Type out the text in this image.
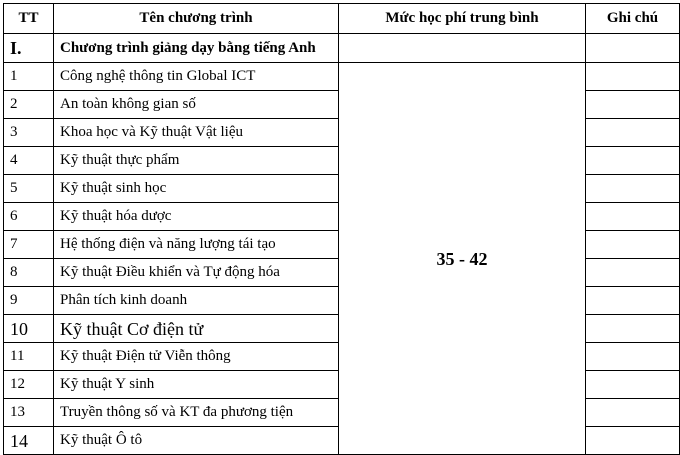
TT	Tên chương trình	Mức học phí trung bình	Ghi chú
I.	Chương trình giảng dạy bằng tiếng Anh		
1	Công nghệ thông tin Global ICT	35 - 42	
2	An toàn không gian số		
3	Khoa học và Kỹ thuật Vật liệu		
4	Kỹ thuật thực phẩm		
5	Kỹ thuật sinh học		
6	Kỹ thuật hóa dược		
7	Hệ thống điện và năng lượng tái tạo		
8	Kỹ thuật Điều khiển và Tự động hóa		
9	Phân tích kinh doanh		
10	Kỹ thuật Cơ điện tử		
11	Kỹ thuật Điện tử Viễn thông		
12	Kỹ thuật Y sinh		
13	Truyền thông số và KT đa phương tiện		
14	Kỹ thuật Ô tô		
